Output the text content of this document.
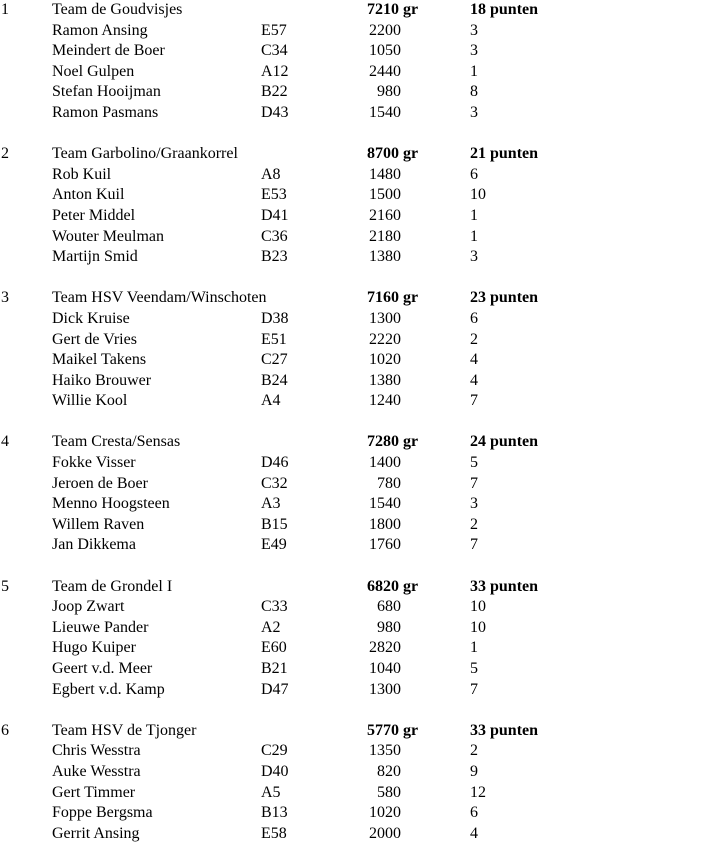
1	Team de Goudvisjes	7210 gr	18 punten
Ramon Ansing	E57	2200	3
Meindert de Boer	C34	1050	3
Noel Gulpen	A12	2440	1
Stefan Hooijman	B22	980	8
Ramon Pasmans	D43	1540	3
2	Team Garbolino/Graankorrel	8700 gr	21 punten
Rob Kuil	A8	1480	6
Anton Kuil	E53	1500	10
Peter Middel	D41	2160	1
Wouter Meulman	C36	2180	1
Martijn Smid	B23	1380	3
3	Team HSV Veendam/Winschoten	7160 gr	23 punten
Dick Kruise	D38	1300	6
Gert de Vries	E51	2220	2
Maikel Takens	C27	1020	4
Haiko Brouwer	B24	1380	4
Willie Kool	A4	1240	7
4	Team Cresta/Sensas	7280 gr	24 punten
Fokke Visser	D46	1400	5
Jeroen de Boer	C32	780	7
Menno Hoogsteen	A3	1540	3
Willem Raven	B15	1800	2
Jan Dikkema	E49	1760	7
5	Team de Grondel I	6820 gr	33 punten
Joop Zwart	C33	680	10
Lieuwe Pander	A2	980	10
Hugo Kuiper	E60	2820	1
Geert v.d. Meer	B21	1040	5
Egbert v.d. Kamp	D47	1300	7
6	Team HSV de Tjonger	5770 gr	33 punten
Chris Wesstra	C29	1350	2
Auke Wesstra	D40	820	9
Gert Timmer	A5	580	12
Foppe Bergsma	B13	1020	6
Gerrit Ansing	E58	2000	4
